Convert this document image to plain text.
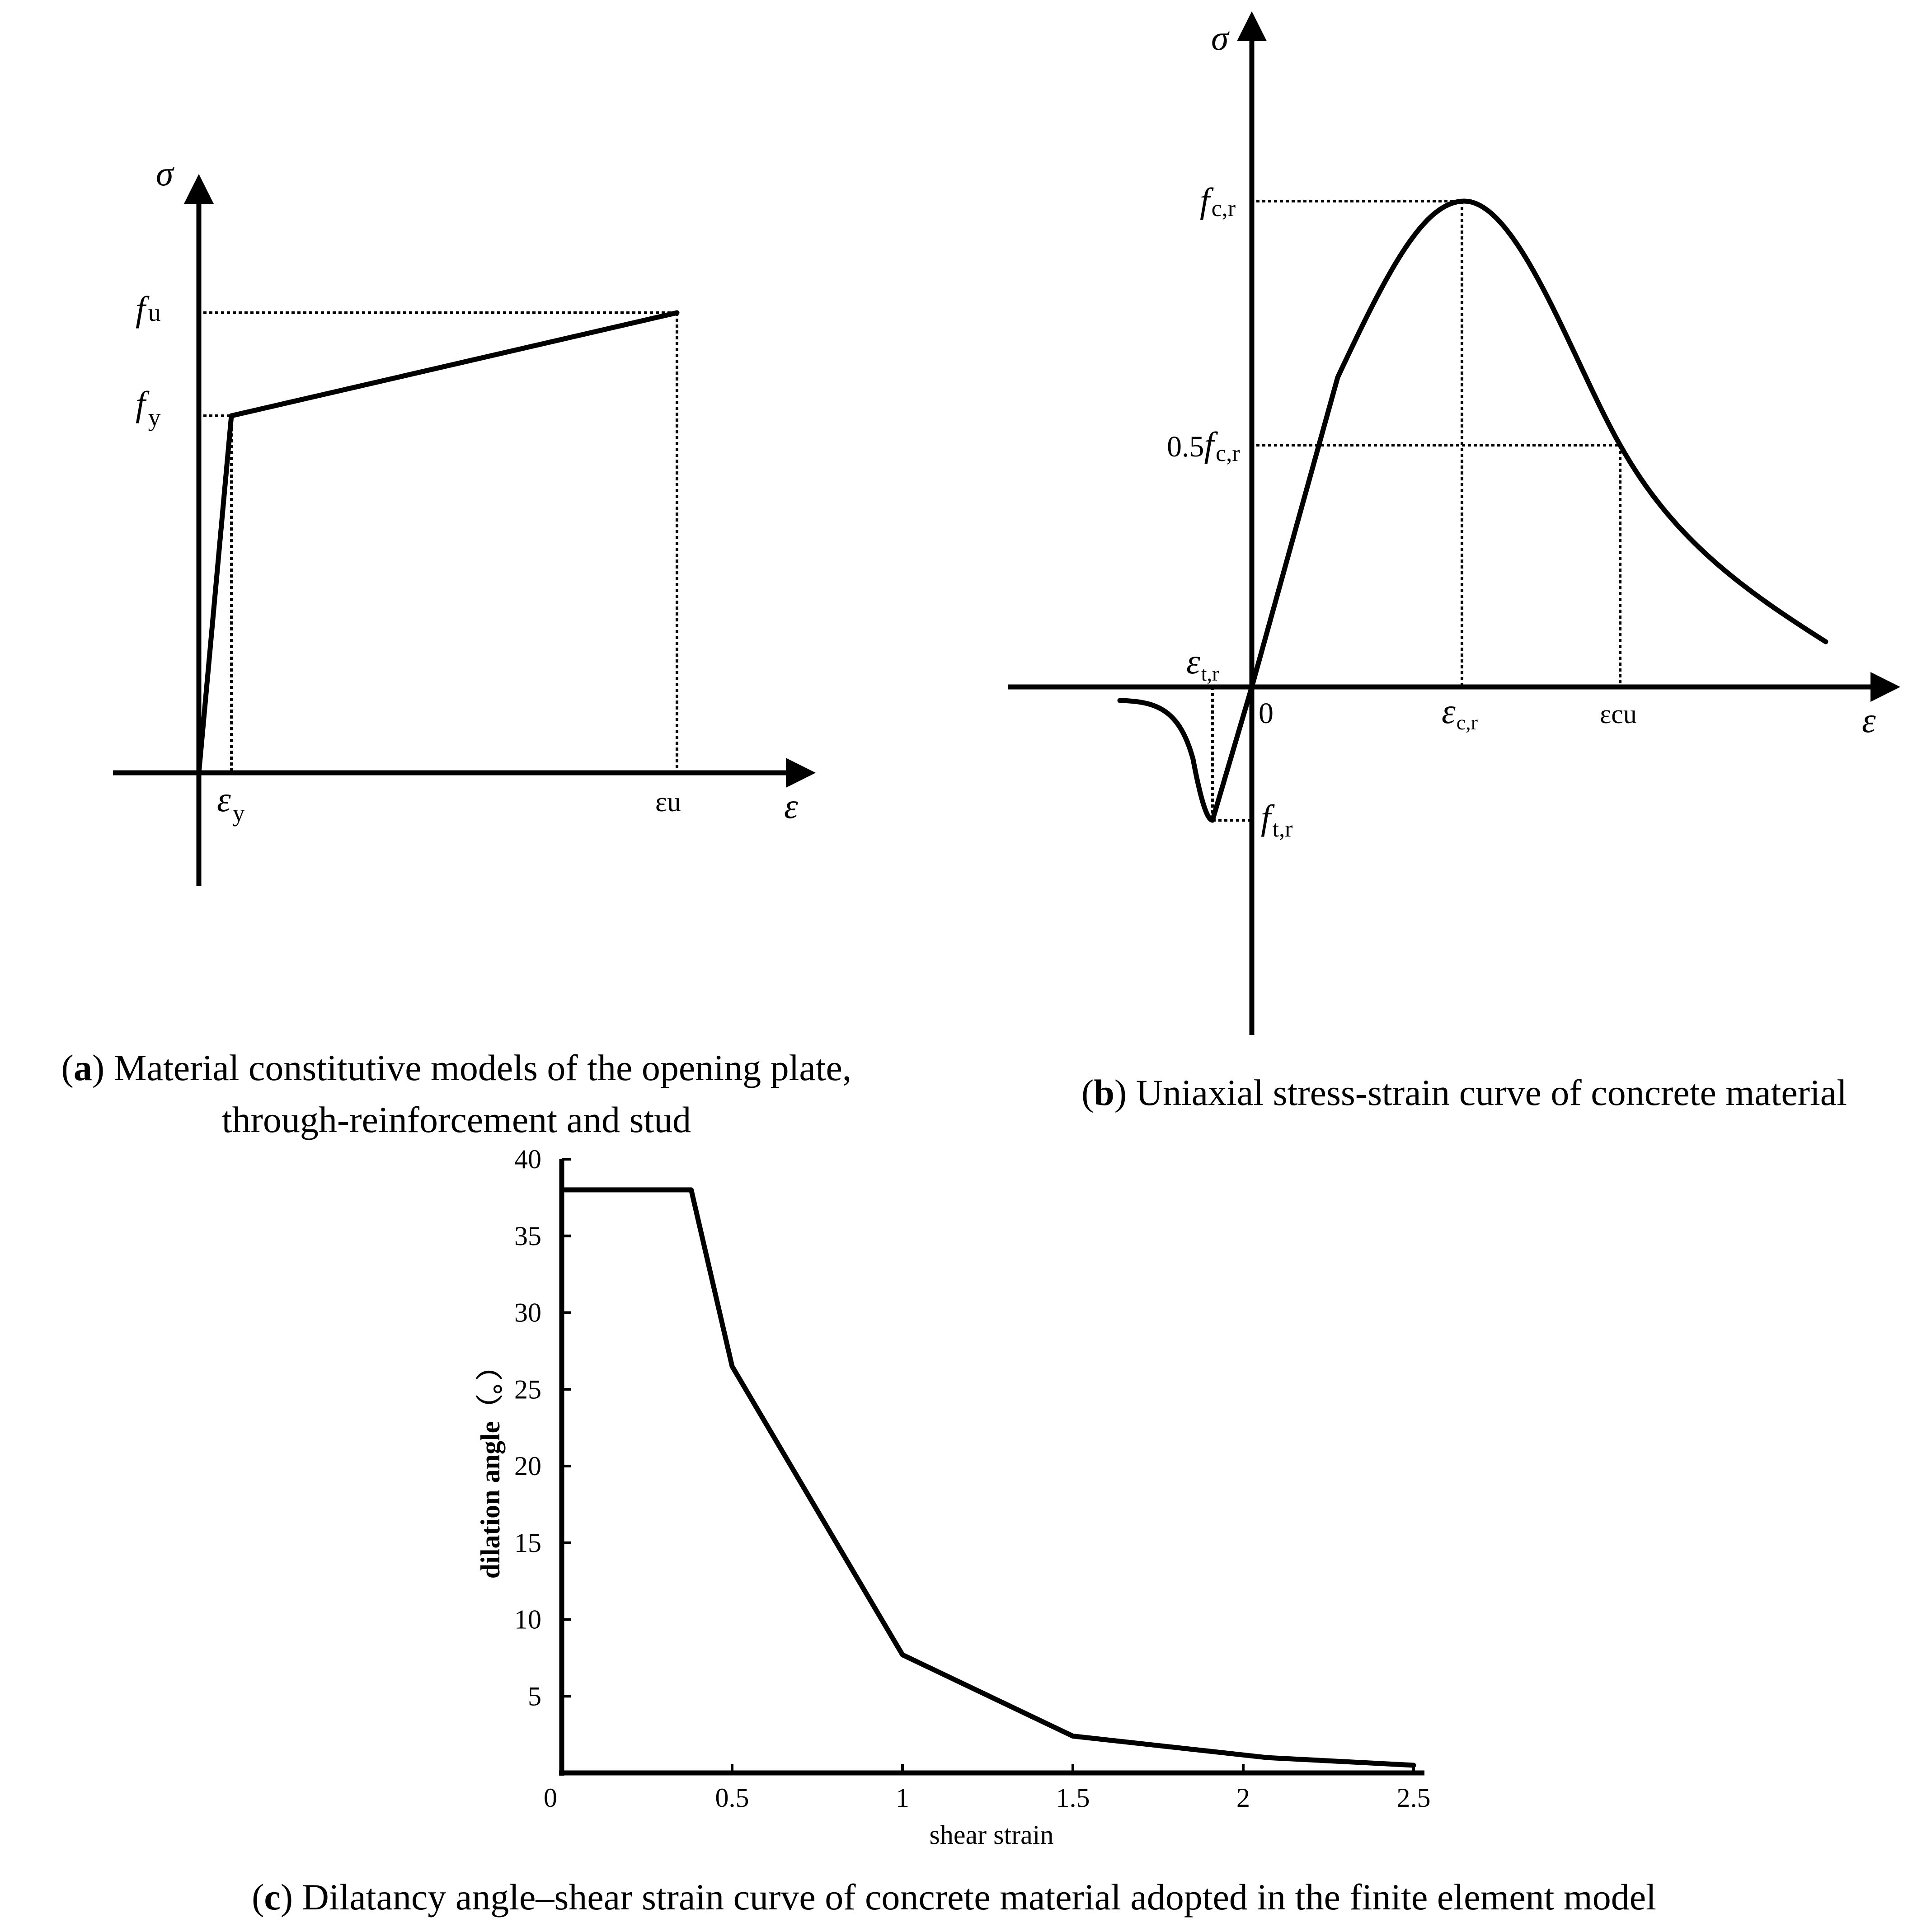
σ
ε
f u
f y
εy	εu
(a) Material constitutive models of the opening plate,
through-reinforcement and stud
σ
ε
0
fc,r
0.5fc,r
εt,r
εc,r	εcu
ft,r
(b) Uniaxial stress-strain curve of concrete material
5
10
15
20
25
30
35
40
0	0.5	1	1.5	2	2.5
shear strain
dilation angle（。）
(c) Dilatancy angle–shear strain curve of concrete material adopted in the finite element model
